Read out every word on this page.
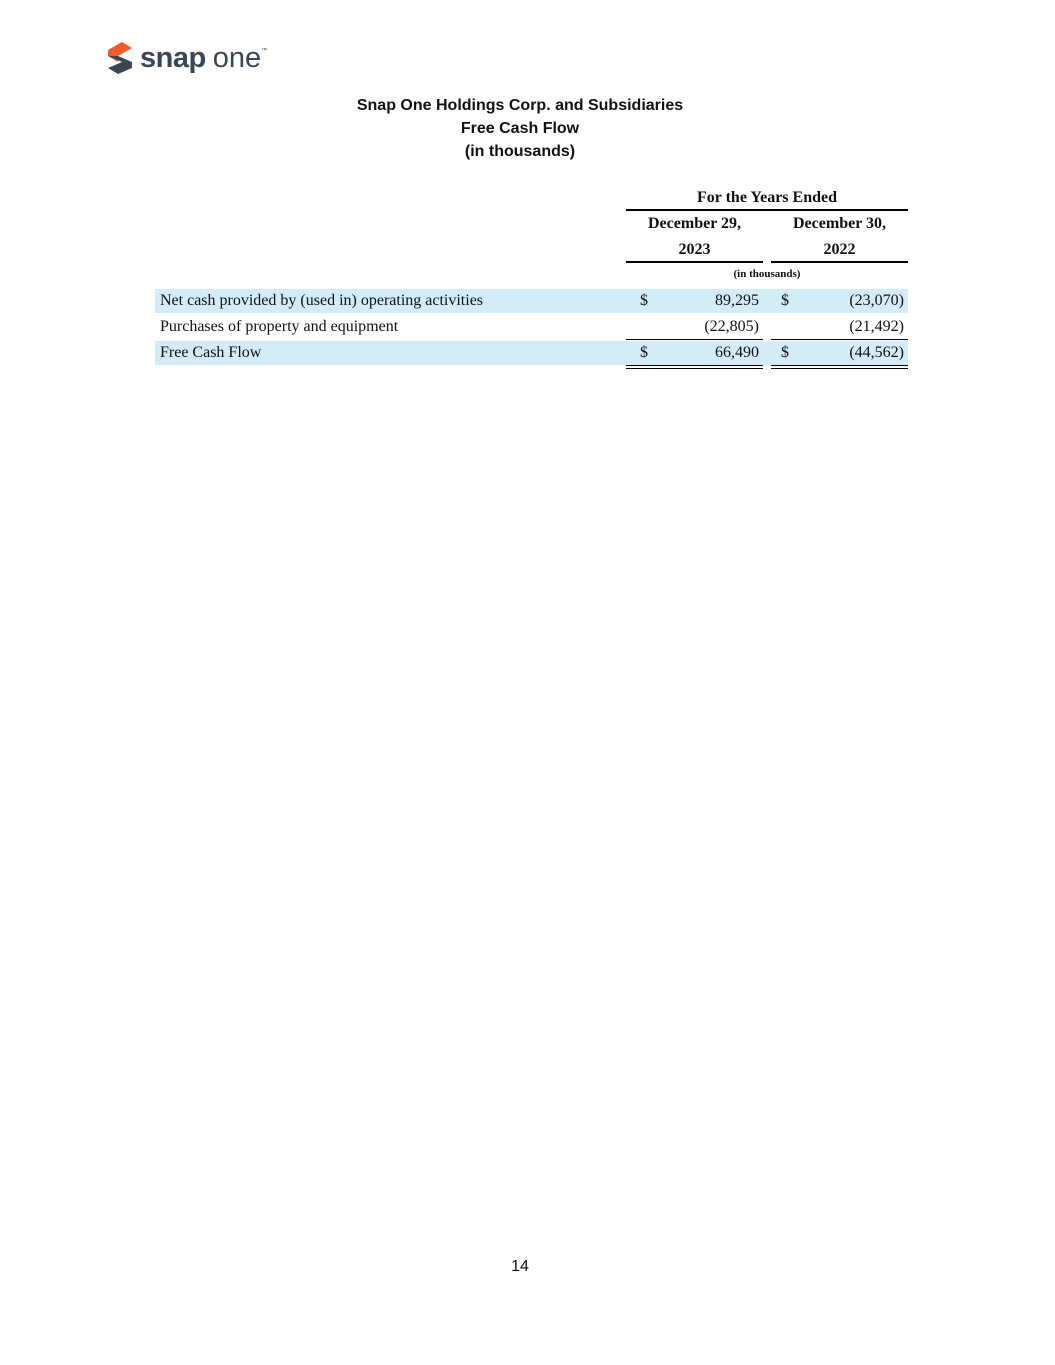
snap one ™
Snap One Holdings Corp. and Subsidiaries
Free Cash Flow
(in thousands)
For the Years Ended
December 29,
2023
December 30,
2022
(in thousands)
Net cash provided by (used in) operating activities	$	89,295 $	(23,070)
Purchases of property and equipment	(22,805)	(21,492)
Free Cash Flow	$	66,490 $	(44,562)
14
